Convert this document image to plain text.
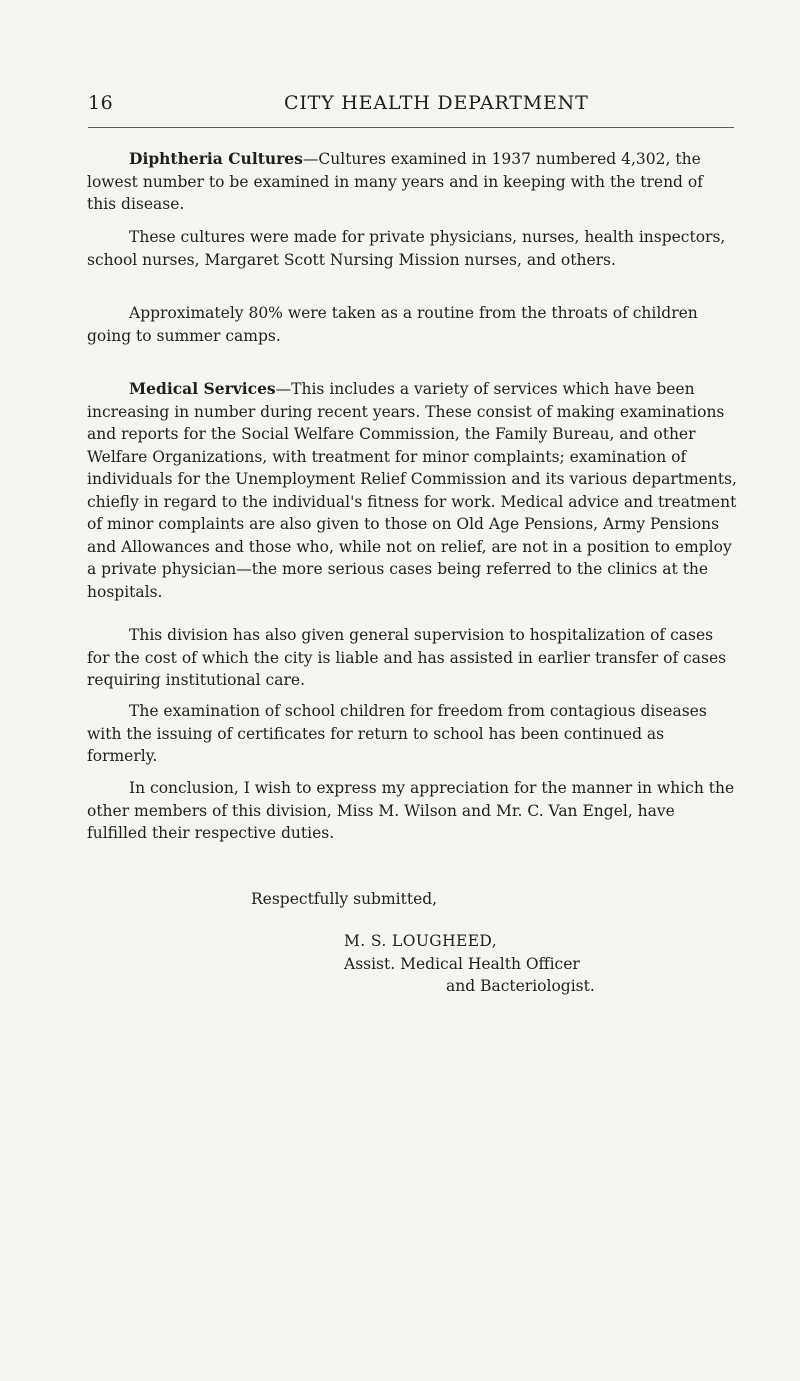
16	CITY HEALTH DEPARTMENT

Diphtheria Cultures—Cultures examined in 1937 numbered 4,302, the lowest number to be examined in many years and in keeping with the trend of this disease.

These cultures were made for private physicians, nurses, health inspectors, school nurses, Margaret Scott Nursing Mission nurses, and others.

Approximately 80% were taken as a routine from the throats of children going to summer camps.

Medical Services—This includes a variety of services which have been increasing in number during recent years. These consist of making examinations and reports for the Social Welfare Commission, the Family Bureau, and other Welfare Organizations, with treatment for minor complaints; examination of individuals for the Unemployment Relief Commission and its various departments, chiefly in regard to the individual's fitness for work. Medical advice and treatment of minor complaints are also given to those on Old Age Pensions, Army Pensions and Allowances and those who, while not on relief, are not in a position to employ a private physician—the more serious cases being referred to the clinics at the hospitals.

This division has also given general supervision to hospitalization of cases for the cost of which the city is liable and has assisted in earlier transfer of cases requiring institutional care.

The examination of school children for freedom from contagious diseases with the issuing of certificates for return to school has been continued as formerly.

In conclusion, I wish to express my appreciation for the manner in which the other members of this division, Miss M. Wilson and Mr. C. Van Engel, have fulfilled their respective duties.

Respectfully submitted,
M. S. LOUGHEED,
Assist. Medical Health Officer
and Bacteriologist.
